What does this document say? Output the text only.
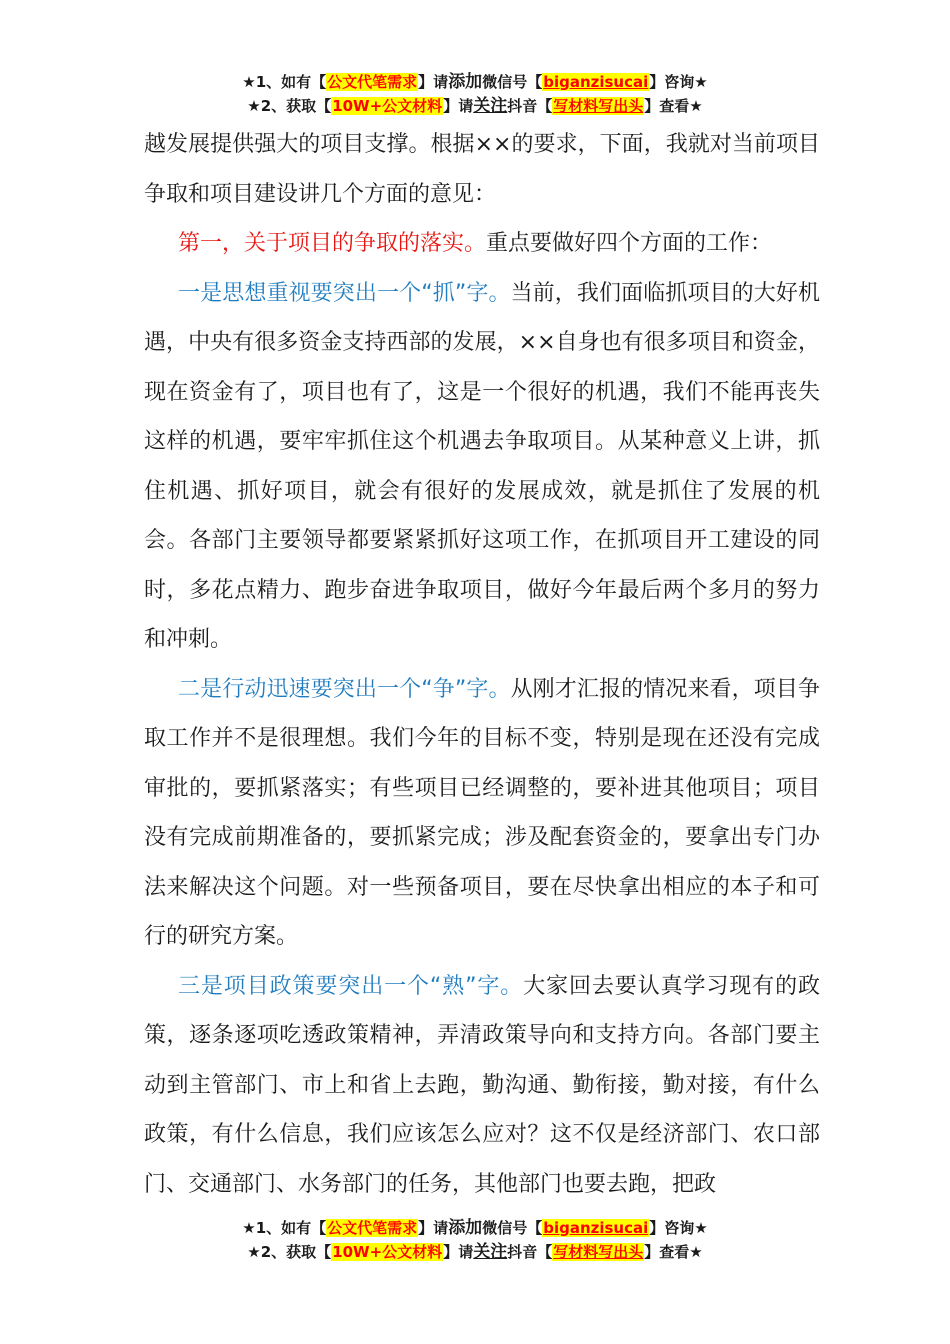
★1、如有【公文代笔需求】请添加微信号【biganzisucai】咨询★
★2、获取【10W+公文材料】请关注抖音【写材料写出头】查看★

越发展提供强大的项目支撑。根据××的要求，下面，我就对当前项目争取和项目建设讲几个方面的意见：

第一，关于项目的争取的落实。重点要做好四个方面的工作：

一是思想重视要突出一个“抓”字。当前，我们面临抓项目的大好机遇，中央有很多资金支持西部的发展，××自身也有很多项目和资金，现在资金有了，项目也有了，这是一个很好的机遇，我们不能再丧失这样的机遇，要牢牢抓住这个机遇去争取项目。从某种意义上讲，抓住机遇、抓好项目，就会有很好的发展成效，就是抓住了发展的机会。各部门主要领导都要紧紧抓好这项工作，在抓项目开工建设的同时，多花点精力、跑步奋进争取项目，做好今年最后两个多月的努力和冲刺。

二是行动迅速要突出一个“争”字。从刚才汇报的情况来看，项目争取工作并不是很理想。我们今年的目标不变，特别是现在还没有完成审批的，要抓紧落实；有些项目已经调整的，要补进其他项目；项目没有完成前期准备的，要抓紧完成；涉及配套资金的，要拿出专门办法来解决这个问题。对一些预备项目，要在尽快拿出相应的本子和可行的研究方案。

三是项目政策要突出一个“熟”字。大家回去要认真学习现有的政策，逐条逐项吃透政策精神，弄清政策导向和支持方向。各部门要主动到主管部门、市上和省上去跑，勤沟通、勤衔接，勤对接，有什么政策，有什么信息，我们应该怎么应对？这不仅是经济部门、农口部门、交通部门、水务部门的任务，其他部门也要去跑，把政

★1、如有【公文代笔需求】请添加微信号【biganzisucai】咨询★
★2、获取【10W+公文材料】请关注抖音【写材料写出头】查看★
